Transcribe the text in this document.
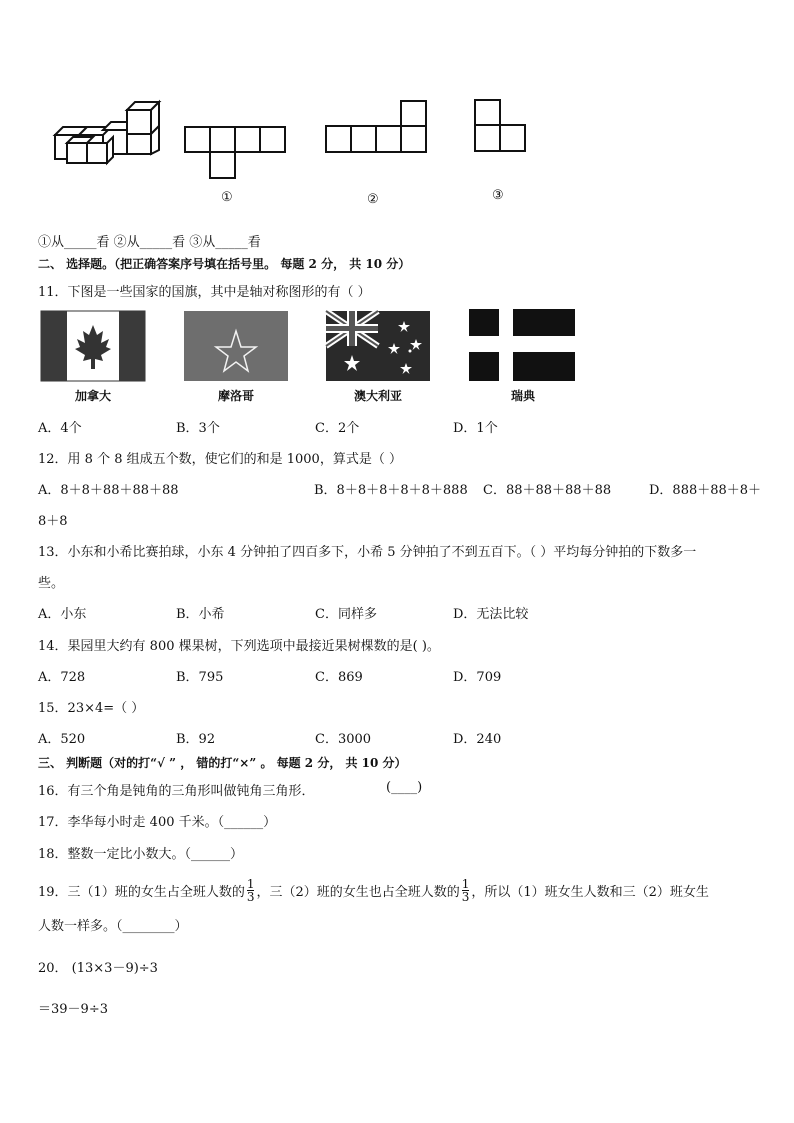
①	②	③
①从_____看 ②从_____看 ③从_____看
二、 选择题。（把正确答案序号填在括号里。 每题 2 分， 共 10 分）
11．下图是一些国家的国旗，其中是轴对称图形的有（ ）
加拿大	摩洛哥	澳大利亚	瑞典
A．4个	B．3个	C．2个	D．1个
12．用 8 个 8 组成五个数，使它们的和是 1000，算式是（ ）
A．8＋8＋88＋88＋88	B．8＋8＋8＋8＋8＋888 C．88＋88＋88＋88	D．888＋88＋8＋
8＋8
13．小东和小希比赛拍球，小东 4 分钟拍了四百多下，小希 5 分钟拍了不到五百下。（ ）平均每分钟拍的下数多一
些。
A．小东	B．小希	C．同样多	D．无法比较
14．果园里大约有 800 棵果树，下列选项中最接近果树棵数的是( )。
A．728	B．795	C．869	D．709
15．23×4=（ ）
A．520	B．92	C．3000	D．240
三、 判断题（对的打“√ ” ， 错的打“×” 。 每题 2 分， 共 10 分）
16．有三个角是钝角的三角形叫做钝角三角形．	(____)
17．李华每小时走 400 千米。（______）
18．整数一定比小数大。（______）
19．三（1）班的女生占全班人数的 $\frac{1}{3}$ ，三（2）班的女生也占全班人数的 $\frac{1}{3}$ ，所以（1）班女生人数和三（2）班女生
人数一样多。（________）
20． (13×3－9)÷3
＝39－9÷3
